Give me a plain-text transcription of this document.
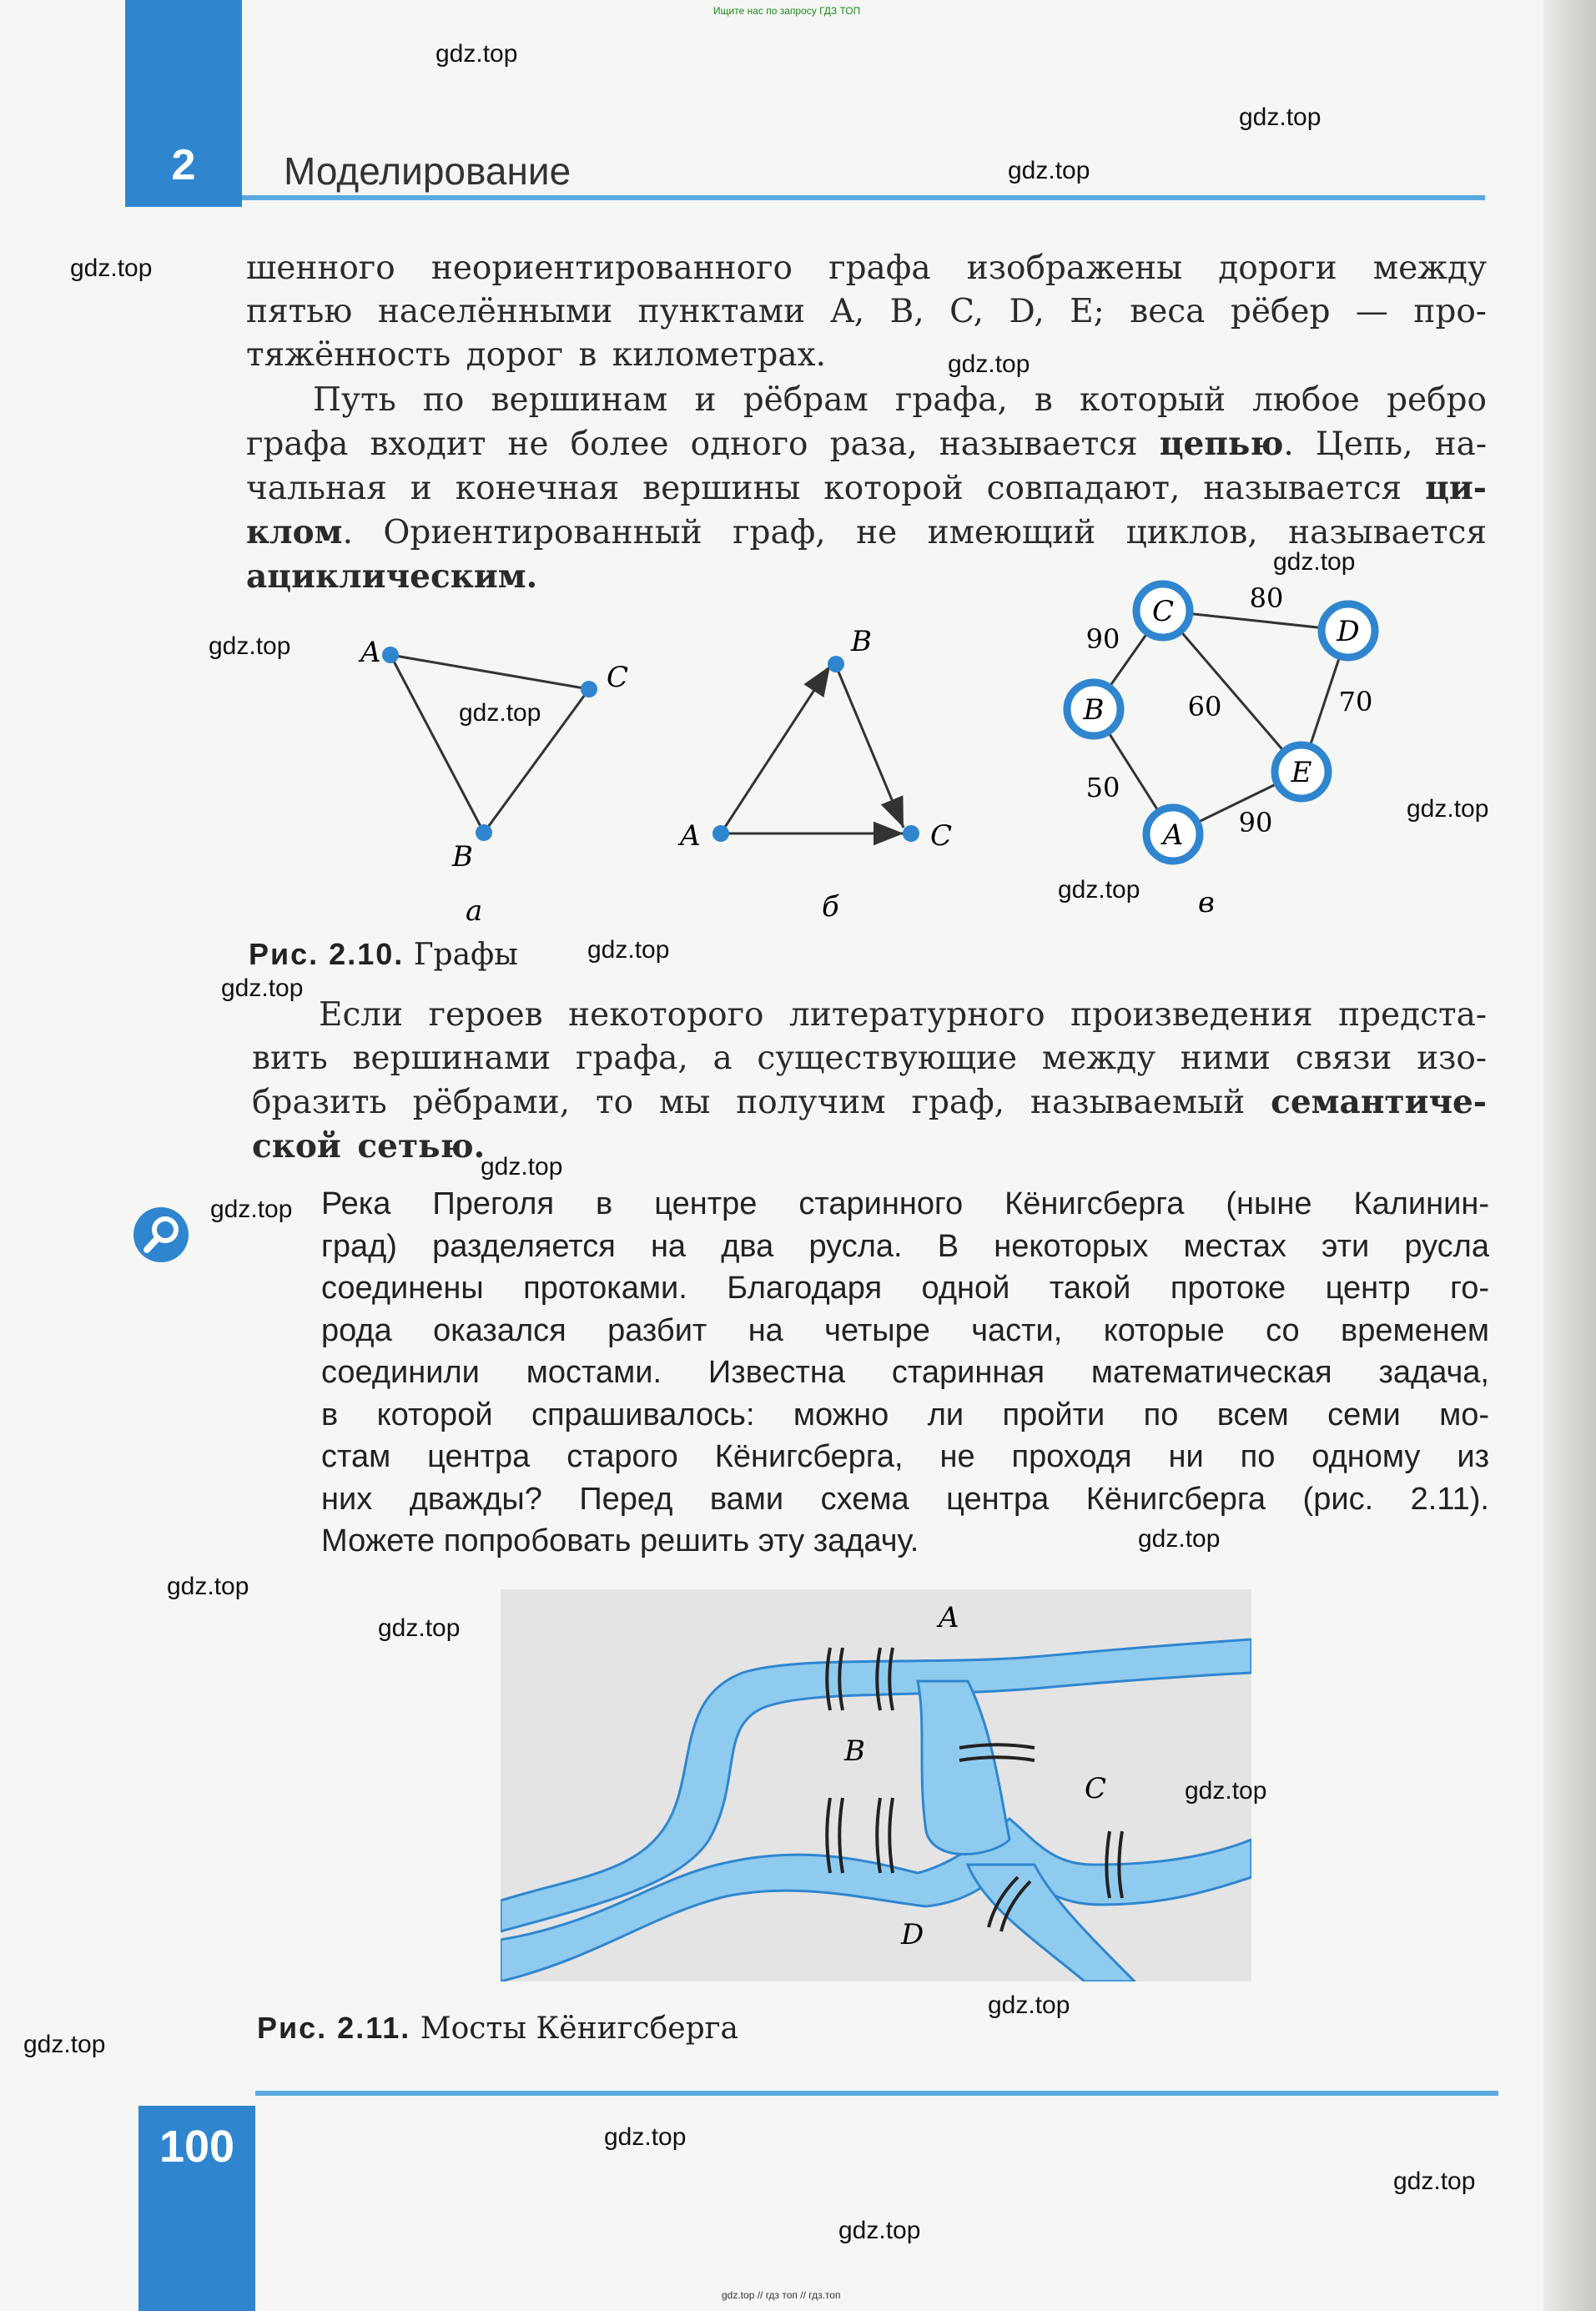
Ищите нас по запросу ГДЗ ТОП
2	Моделирование
шенного неориентированного графа изображены дороги между
пятью населёнными пунктами A, B, C, D, E; веса рёбер — про-
тяжённость дорог в километрах.
Путь по вершинам и рёбрам графа, в который любое ребро
графа входит не более одного раза, называется цепью. Цепь, на-
чальная и конечная вершины которой совпадают, называется ци-
клом. Ориентированный граф, не имеющий циклов, называется
ациклическим.
A
C
B
а
A
B
C
б
C
D
B
E
A
80
90
60	70
50
90
в
Рис. 2.10. Графы
Если героев некоторого литературного произведения предста-
вить вершинами графа, а существующие между ними связи изо-
бразить рёбрами, то мы получим граф, называемый семантиче-
ской сетью.
Река Преголя в центре старинного Кёнигсберга (ныне Калинин-
град) разделяется на два русла. В некоторых местах эти русла
соединены протоками. Благодаря одной такой протоке центр го-
рода оказался разбит на четыре части, которые со временем
соединили мостами. Известна старинная математическая задача,
в которой спрашивалось: можно ли пройти по всем семи мо-
стам центра старого Кёнигсберга, не проходя ни по одному из
них дважды? Перед вами схема центра Кёнигсберга (рис. 2.11).
Можете попробовать решить эту задачу.
A
B
C
D
Рис. 2.11. Мосты Кёнигсберга
100
gdz.top // гдз топ // гдз.топ
gdz.top
gdz.top
gdz.top
gdz.top
gdz.top
gdz.top
gdz.top
gdz.top
gdz.top
gdz.top
gdz.top
gdz.top
gdz.top
gdz.top
gdz.top
gdz.top
gdz.top
gdz.top
gdz.top
gdz.top
gdz.top
gdz.top
gdz.top
